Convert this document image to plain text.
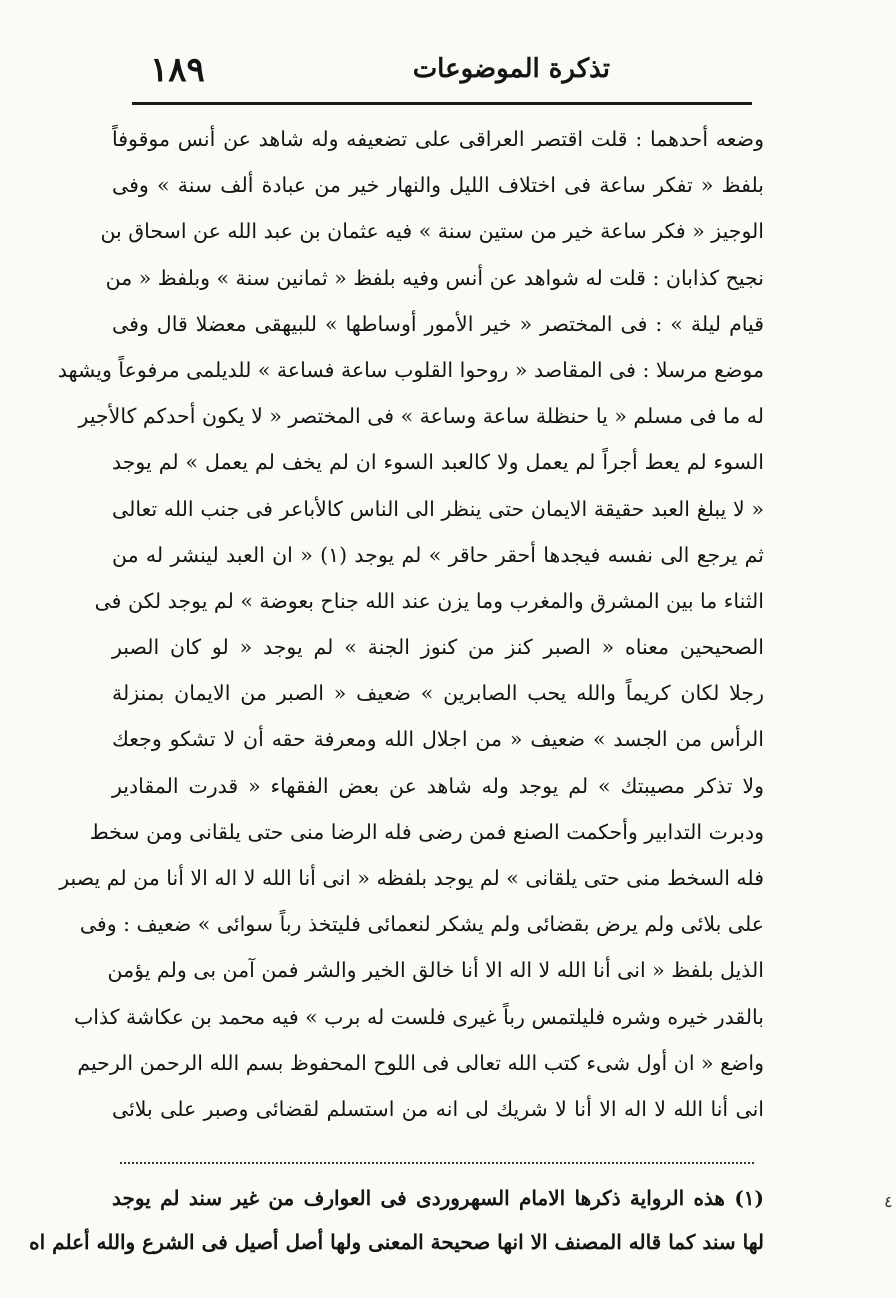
تذكرة الموضوعات
١٨٩
وضعه أحدهما : قلت اقتصر العراقى على تضعيفه وله شاهد عن أنس موقوفاً
بلفظ « تفكر ساعة فى اختلاف الليل والنهار خير من عبادة ألف سنة » وفى
الوجيز « فكر ساعة خير من ستين سنة » فيه عثمان بن عبد الله عن اسحاق بن
نجيح كذابان : قلت له شواهد عن أنس وفيه بلفظ « ثمانين سنة » وبلفظ « من
قيام ليلة » : فى المختصر « خير الأمور أوساطها » للبيهقى معضلا قال وفى
موضع مرسلا : فى المقاصد « روحوا القلوب ساعة فساعة » للديلمى مرفوعاً ويشهد
له ما فى مسلم « يا حنظلة ساعة وساعة » فى المختصر « لا يكون أحدكم كالأجير
السوء لم يعط أجراً لم يعمل ولا كالعبد السوء ان لم يخف لم يعمل » لم يوجد
« لا يبلغ العبد حقيقة الايمان حتى ينظر الى الناس كالأباعر فى جنب الله تعالى
ثم يرجع الى نفسه فيجدها أحقر حاقر » لم يوجد (١) « ان العبد لينشر له من
الثناء ما بين المشرق والمغرب وما يزن عند الله جناح بعوضة » لم يوجد لكن فى
الصحيحين معناه « الصبر كنز من كنوز الجنة » لم يوجد « لو كان الصبر
رجلا لكان كريماً والله يحب الصابرين » ضعيف « الصبر من الايمان بمنزلة
الرأس من الجسد » ضعيف « من اجلال الله ومعرفة حقه أن لا تشكو وجعك
ولا تذكر مصيبتك » لم يوجد وله شاهد عن بعض الفقهاء « قدرت المقادير
ودبرت التدابير وأحكمت الصنع فمن رضى فله الرضا منى حتى يلقانى ومن سخط
فله السخط منى حتى يلقانى » لم يوجد بلفظه « انى أنا الله لا اله الا أنا من لم يصبر
على بلائى ولم يرض بقضائى ولم يشكر لنعمائى فليتخذ رباً سوائى » ضعيف : وفى
الذيل بلفظ « انى أنا الله لا اله الا أنا خالق الخير والشر فمن آمن بى ولم يؤمن
بالقدر خيره وشره فليلتمس رباً غيرى فلست له برب » فيه محمد بن عكاشة كذاب
واضع « ان أول شىء كتب الله تعالى فى اللوح المحفوظ بسم الله الرحمن الرحيم
انى أنا الله لا اله الا أنا لا شريك لى انه من استسلم لقضائى وصبر على بلائى
(١) هذه الرواية ذكرها الامام السهروردى فى العوارف من غير سند لم يوجد
لها سند كما قاله المصنف الا انها صحيحة المعنى ولها أصل أصيل فى الشرع والله أعلم اه
٤
